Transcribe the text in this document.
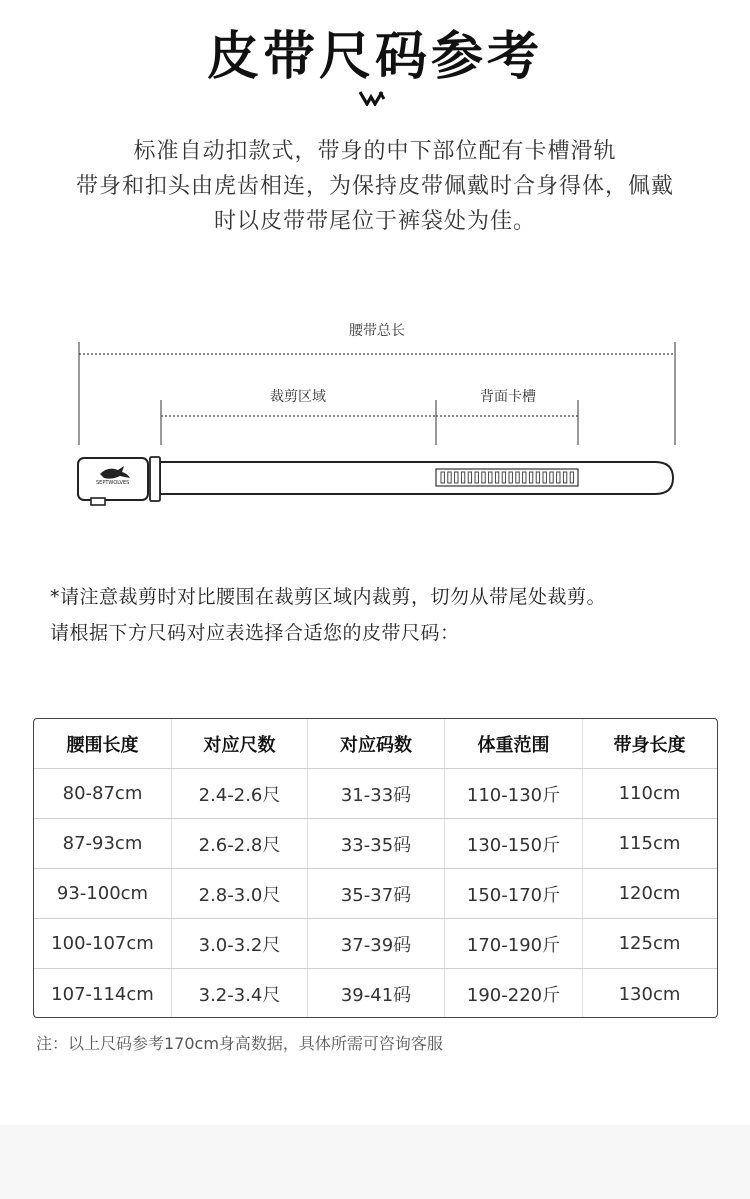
皮带尺码参考
标准自动扣款式，带身的中下部位配有卡槽滑轨
带身和扣头由虎齿相连，为保持皮带佩戴时合身得体，佩戴
时以皮带带尾位于裤袋处为佳。
腰带总长
裁剪区域	背面卡槽
SEPTWOLVES
*请注意裁剪时对比腰围在裁剪区域内裁剪，切勿从带尾处裁剪。
请根据下方尺码对应表选择合适您的皮带尺码：
腰围长度	对应尺数	对应码数	体重范围	带身长度
80-87cm	2.4-2.6尺	31-33码	110-130斤	110cm
87-93cm	2.6-2.8尺	33-35码	130-150斤	115cm
93-100cm	2.8-3.0尺	35-37码	150-170斤	120cm
100-107cm	3.0-3.2尺	37-39码	170-190斤	125cm
107-114cm	3.2-3.4尺	39-41码	190-220斤	130cm
注：以上尺码参考170cm身高数据，具体所需可咨询客服
